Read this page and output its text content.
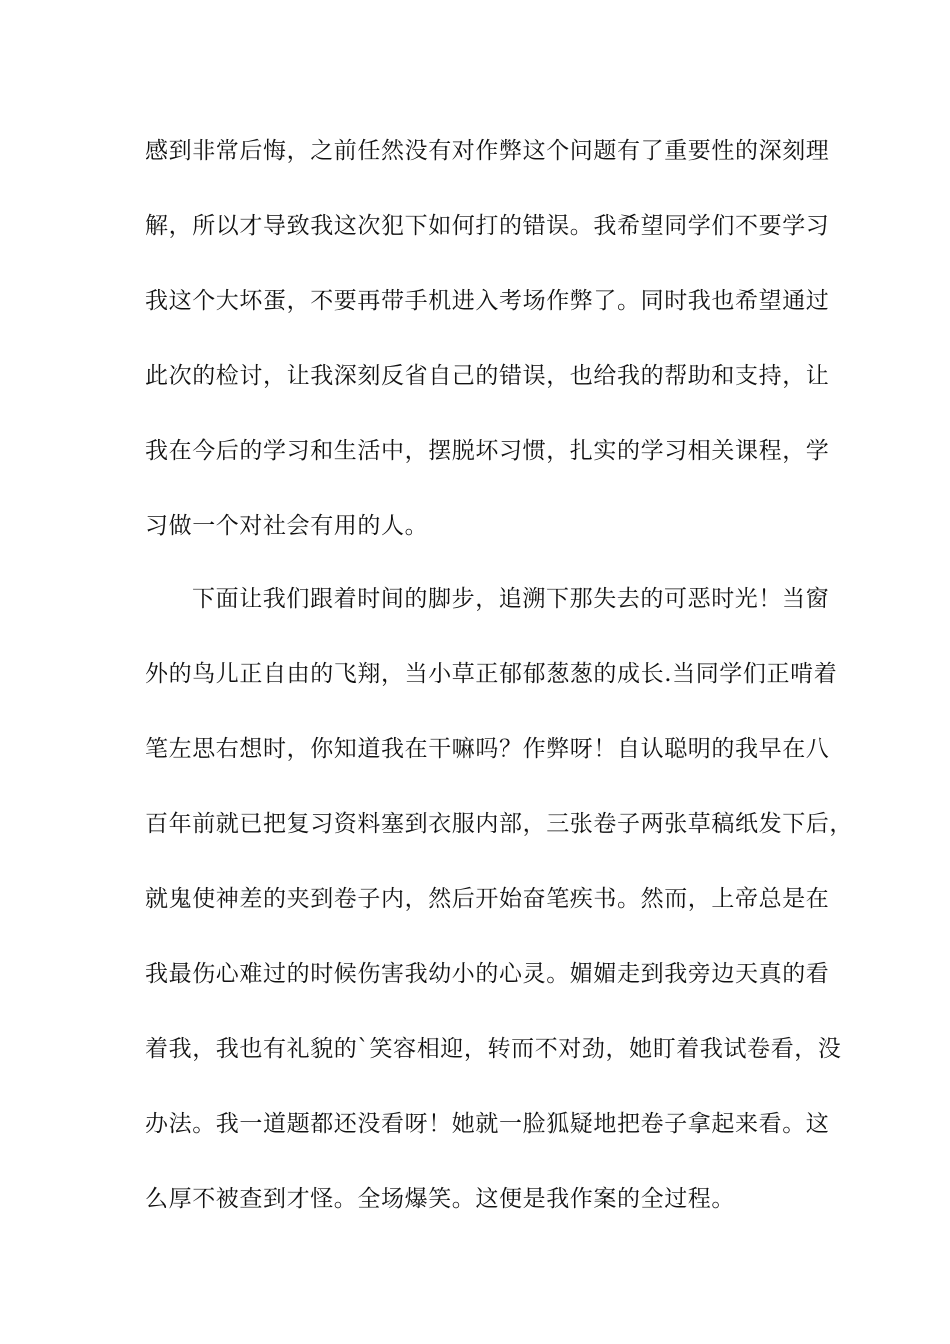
感到非常后悔，之前任然没有对作弊这个问题有了重要性的深刻理
解，所以才导致我这次犯下如何打的错误。我希望同学们不要学习
我这个大坏蛋，不要再带手机进入考场作弊了。同时我也希望通过
此次的检讨，让我深刻反省自己的错误，也给我的帮助和支持，让
我在今后的学习和生活中，摆脱坏习惯，扎实的学习相关课程，学
习做一个对社会有用的人。
下面让我们跟着时间的脚步，追溯下那失去的可恶时光！当窗
外的鸟儿正自由的飞翔，当小草正郁郁葱葱的成长.当同学们正啃着
笔左思右想时，你知道我在干嘛吗？作弊呀！自认聪明的我早在八
百年前就已把复习资料塞到衣服内部，三张卷子两张草稿纸发下后，
就鬼使神差的夹到卷子内，然后开始奋笔疾书。然而，上帝总是在
我最伤心难过的时候伤害我幼小的心灵。媚媚走到我旁边天真的看
着我，我也有礼貌的`笑容相迎，转而不对劲，她盯着我试卷看，没
办法。我一道题都还没看呀！她就一脸狐疑地把卷子拿起来看。这
么厚不被查到才怪。全场爆笑。这便是我作案的全过程。
